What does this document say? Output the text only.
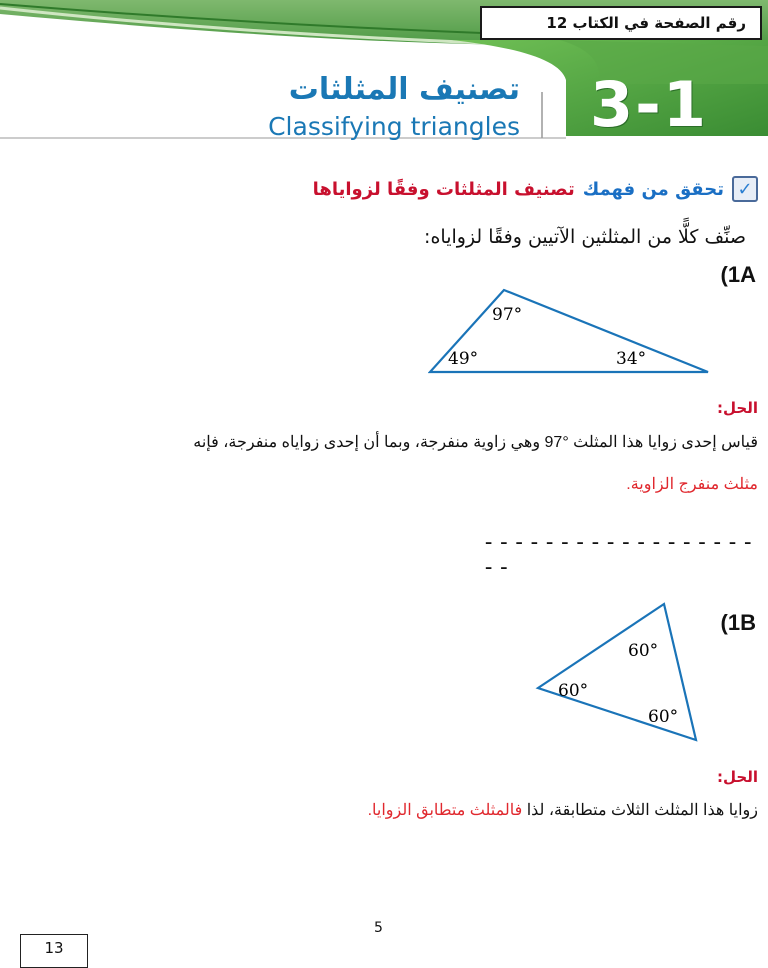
رقم الصفحة في الكتاب 12
3-1
تصنيف المثلثات
Classifying triangles
✓
تحقق من فهمك
تصنيف المثلثات وفقًا لزواياها
صنِّف كلًّا من المثلثين الآتيين وفقًا لزواياه:
(1A
97°
49°	34°
الحل:
قياس إحدى زوايا هذا المثلث °97 وهي زاوية منفرجة، وبما أن إحدى زواياه منفرجة، فإنه
مثلث منفرج الزاوية.
--------------------
(1B
60°
60°
60°
الحل:
زوايا هذا المثلث الثلاث متطابقة، لذا فالمثلث متطابق الزوايا.
5
13
